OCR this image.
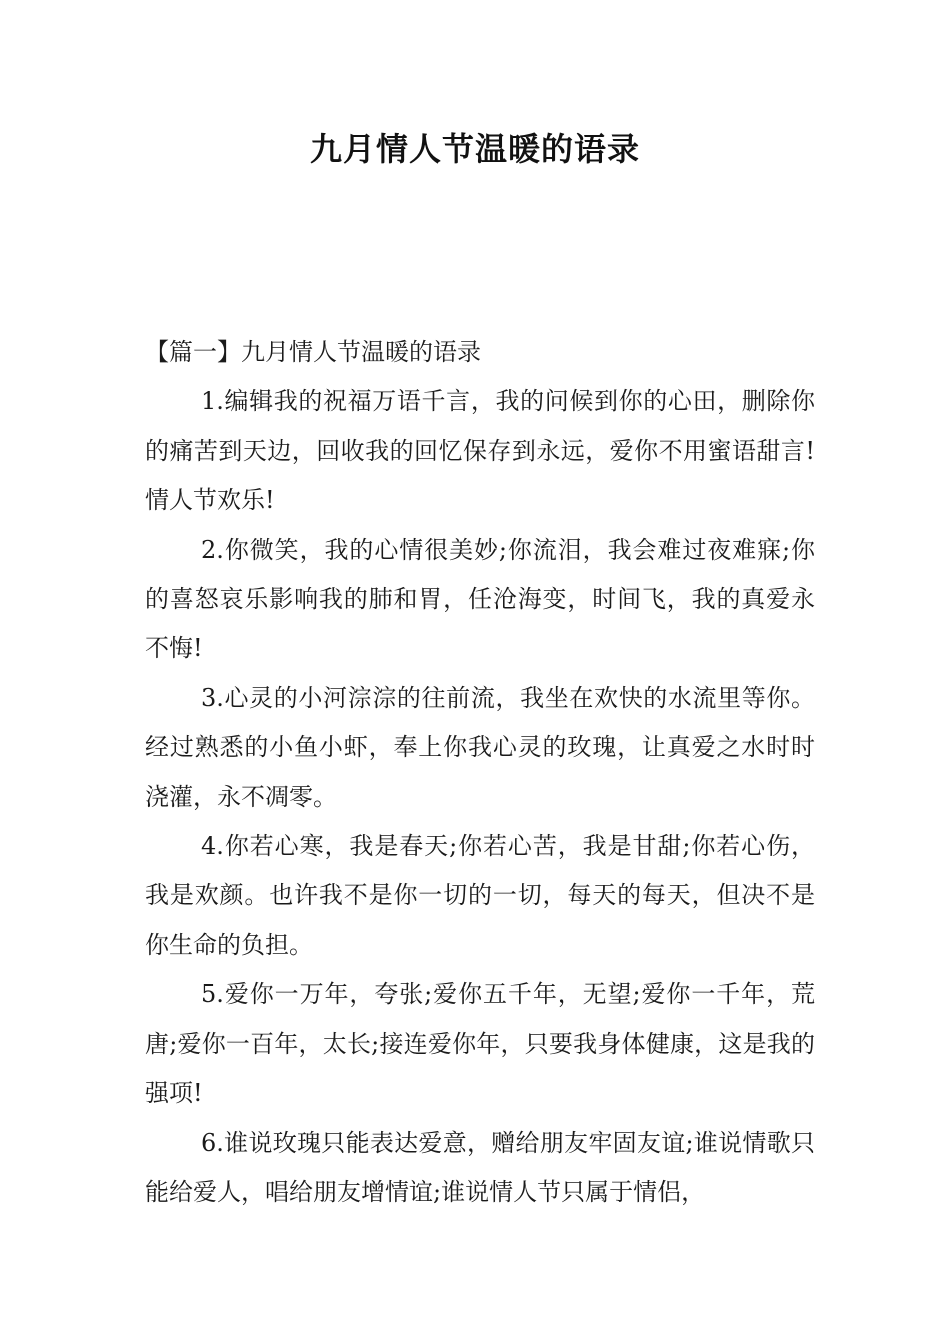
九月情人节温暖的语录

【篇一】九月情人节温暖的语录

1.编辑我的祝福万语千言，我的问候到你的心田，删除你的痛苦到天边，回收我的回忆保存到永远，爱你不用蜜语甜言!情人节欢乐!

2.你微笑，我的心情很美妙;你流泪，我会难过夜难寐;你的喜怒哀乐影响我的肺和胃，任沧海变，时间飞，我的真爱永不悔!

3.心灵的小河淙淙的往前流，我坐在欢快的水流里等你。经过熟悉的小鱼小虾，奉上你我心灵的玫瑰，让真爱之水时时浇灌，永不凋零。

4.你若心寒，我是春天;你若心苦，我是甘甜;你若心伤，我是欢颜。也许我不是你一切的一切，每天的每天，但决不是你生命的负担。

5.爱你一万年，夸张;爱你五千年，无望;爱你一千年，荒唐;爱你一百年，太长;接连爱你年，只要我身体健康，这是我的强项!

6.谁说玫瑰只能表达爱意，赠给朋友牢固友谊;谁说情歌只能给爱人，唱给朋友增情谊;谁说情人节只属于情侣，
